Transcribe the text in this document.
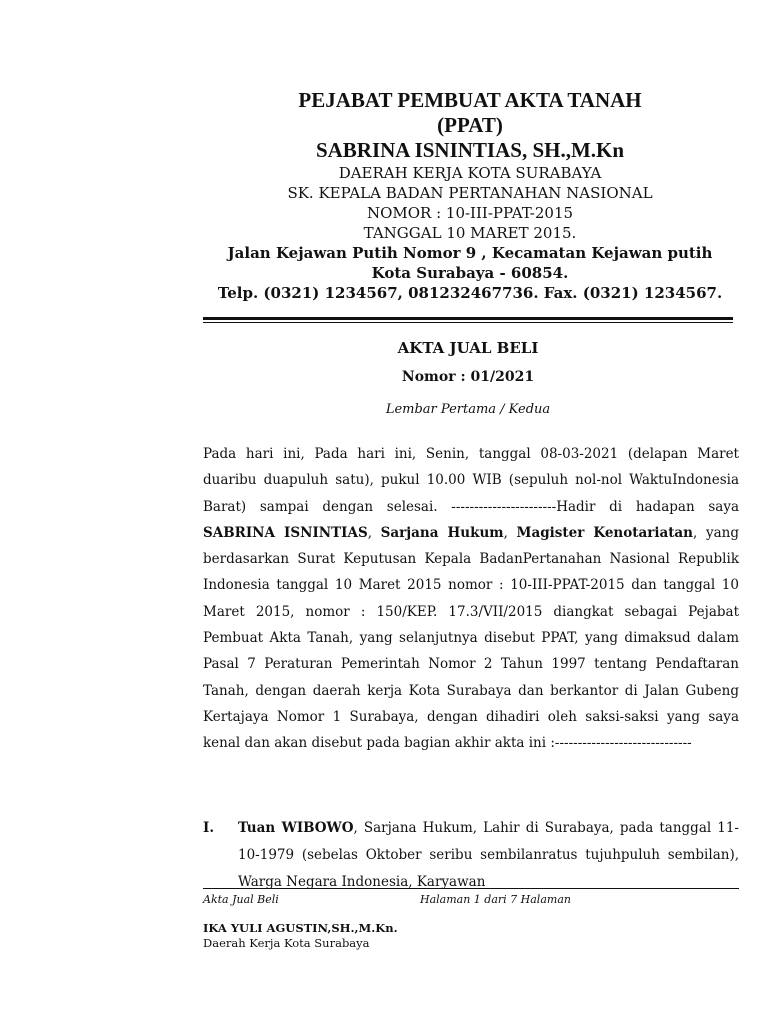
PEJABAT PEMBUAT AKTA TANAH
(PPAT)
SABRINA ISNINTIAS, SH.,M.Kn
DAERAH KERJA KOTA SURABAYA
SK. KEPALA BADAN PERTANAHAN NASIONAL
NOMOR : 10-III-PPAT-2015
TANGGAL 10 MARET 2015.
Jalan Kejawan Putih Nomor 9 , Kecamatan Kejawan putih
Kota Surabaya - 60854.
Telp. (0321) 1234567, 081232467736. Fax. (0321) 1234567.
AKTA JUAL BELI
Nomor : 01/2021
Lembar Pertama / Kedua

Pada hari ini, Pada hari ini, Senin, tanggal 08-03-2021 (delapan Maret duaribu duapuluh satu), pukul 10.00 WIB (sepuluh nol-nol WaktuIndonesia Barat) sampai dengan selesai. -----------------------Hadir di hadapan saya SABRINA ISNINTIAS, Sarjana Hukum, Magister Kenotariatan, yang berdasarkan Surat Keputusan Kepala BadanPertanahan Nasional Republik Indonesia tanggal 10 Maret 2015 nomor : 10-III-PPAT-2015 dan tanggal 10 Maret 2015, nomor : 150/KEP. 17.3/VII/2015 diangkat sebagai Pejabat Pembuat Akta Tanah, yang selanjutnya disebut PPAT, yang dimaksud dalam Pasal 7 Peraturan Pemerintah Nomor 2 Tahun 1997 tentang Pendaftaran Tanah, dengan daerah kerja Kota Surabaya dan berkantor di Jalan Gubeng Kertajaya Nomor 1 Surabaya, dengan dihadiri oleh saksi-saksi yang saya kenal dan akan disebut pada bagian akhir akta ini :------------------------------

I. Tuan WIBOWO, Sarjana Hukum, Lahir di Surabaya, pada tanggal 11-10-1979 (sebelas Oktober seribu sembilanratus tujuhpuluh sembilan), Warga Negara Indonesia, Karyawan
Akta Jual Beli	Halaman 1 dari 7 Halaman
IKA YULI AGUSTIN,SH.,M.Kn.
Daerah Kerja Kota Surabaya
